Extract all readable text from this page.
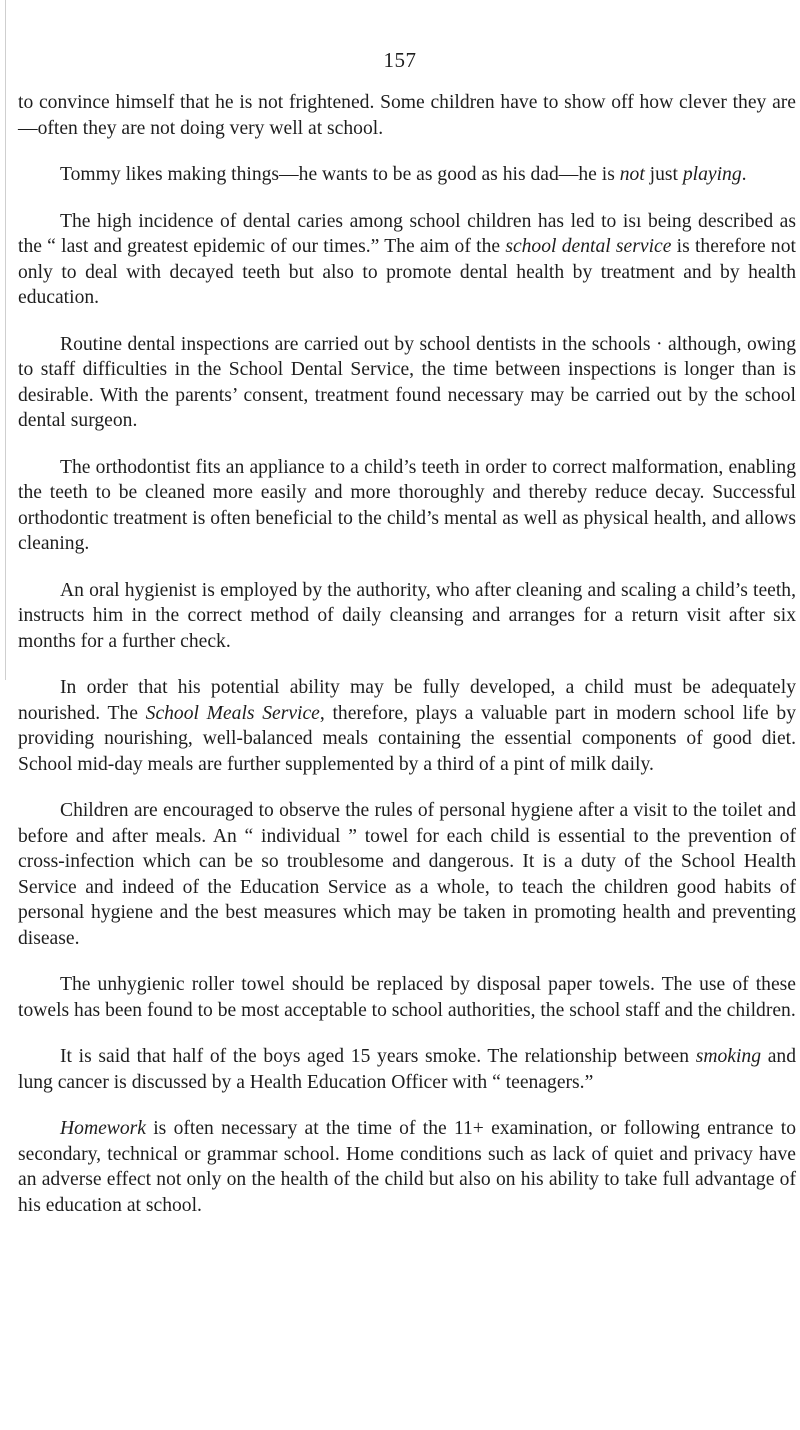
157

to convince himself that he is not frightened. Some children have to show off how clever they are—often they are not doing very well at school.

Tommy likes making things—he wants to be as good as his dad—he is not just playing.

The high incidence of dental caries among school children has led to isı being described as the “ last and greatest epidemic of our times.” The aim of the school dental service is therefore not only to deal with decayed teeth but also to promote dental health by treatment and by health education.

Routine dental inspections are carried out by school dentists in the schools · although, owing to staff difficulties in the School Dental Service, the time between inspections is longer than is desirable. With the parents’ consent, treatment found necessary may be carried out by the school dental surgeon.

The orthodontist fits an appliance to a child’s teeth in order to correct malformation, enabling the teeth to be cleaned more easily and more thoroughly and thereby reduce decay. Successful orthodontic treatment is often beneficial to the child’s mental as well as physical health, and allows cleaning.

An oral hygienist is employed by the authority, who after cleaning and scaling a child’s teeth, instructs him in the correct method of daily cleansing and arranges for a return visit after six months for a further check.

In order that his potential ability may be fully developed, a child must be adequately nourished. The School Meals Service, therefore, plays a valuable part in modern school life by providing nourishing, well-balanced meals containing the essential components of good diet. School mid-day meals are further supplemented by a third of a pint of milk daily.

Children are encouraged to observe the rules of personal hygiene after a visit to the toilet and before and after meals. An “ individual ” towel for each child is essential to the prevention of cross-infection which can be so troublesome and dangerous. It is a duty of the School Health Service and indeed of the Education Service as a whole, to teach the children good habits of personal hygiene and the best measures which may be taken in promoting health and preventing disease.

The unhygienic roller towel should be replaced by disposal paper towels. The use of these towels has been found to be most acceptable to school authorities, the school staff and the children.

It is said that half of the boys aged 15 years smoke. The relationship between smoking and lung cancer is discussed by a Health Education Officer with “ teenagers.”

Homework is often necessary at the time of the 11+ examination, or following entrance to secondary, technical or grammar school. Home conditions such as lack of quiet and privacy have an adverse effect not only on the health of the child but also on his ability to take full advantage of his education at school.
